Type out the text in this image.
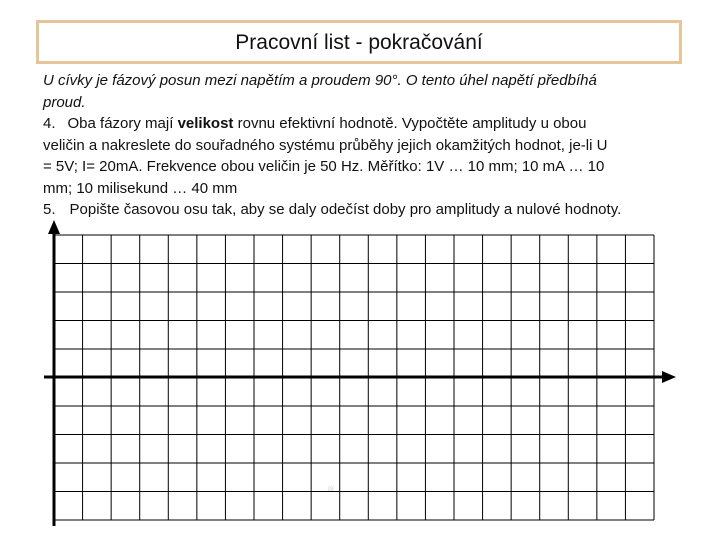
Pracovní list - pokračování
U cívky je fázový posun mezi napětím a proudem 90°. O tento úhel napětí předbíhá
proud.
4. Oba fázory mají velikost rovnu efektivní hodnotě. Vypočtěte amplitudy u obou
veličin a nakreslete do souřadného systému průběhy jejich okamžitých hodnot, je-li U
= 5V; I= 20mA. Frekvence obou veličin je 50 Hz. Měřítko: 1V … 10 mm; 10 mA … 10
mm; 10 milisekund … 40 mm
5. Popište časovou osu tak, aby se daly odečíst doby pro amplitudy a nulové hodnoty.
ííí
